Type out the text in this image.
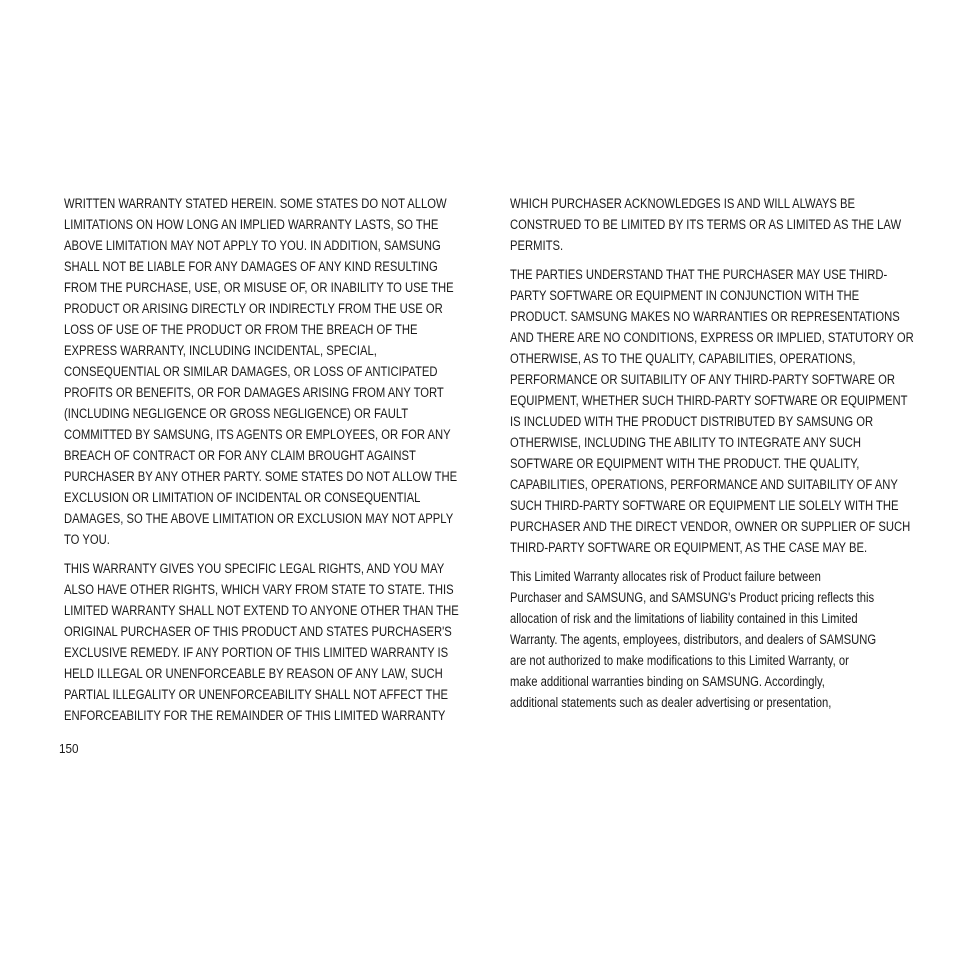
WRITTEN WARRANTY STATED HEREIN. SOME STATES DO NOT ALLOW
LIMITATIONS ON HOW LONG AN IMPLIED WARRANTY LASTS, SO THE
ABOVE LIMITATION MAY NOT APPLY TO YOU. IN ADDITION, SAMSUNG
SHALL NOT BE LIABLE FOR ANY DAMAGES OF ANY KIND RESULTING
FROM THE PURCHASE, USE, OR MISUSE OF, OR INABILITY TO USE THE
PRODUCT OR ARISING DIRECTLY OR INDIRECTLY FROM THE USE OR
LOSS OF USE OF THE PRODUCT OR FROM THE BREACH OF THE
EXPRESS WARRANTY, INCLUDING INCIDENTAL, SPECIAL,
CONSEQUENTIAL OR SIMILAR DAMAGES, OR LOSS OF ANTICIPATED
PROFITS OR BENEFITS, OR FOR DAMAGES ARISING FROM ANY TORT
(INCLUDING NEGLIGENCE OR GROSS NEGLIGENCE) OR FAULT
COMMITTED BY SAMSUNG, ITS AGENTS OR EMPLOYEES, OR FOR ANY
BREACH OF CONTRACT OR FOR ANY CLAIM BROUGHT AGAINST
PURCHASER BY ANY OTHER PARTY. SOME STATES DO NOT ALLOW THE
EXCLUSION OR LIMITATION OF INCIDENTAL OR CONSEQUENTIAL
DAMAGES, SO THE ABOVE LIMITATION OR EXCLUSION MAY NOT APPLY
TO YOU.

THIS WARRANTY GIVES YOU SPECIFIC LEGAL RIGHTS, AND YOU MAY
ALSO HAVE OTHER RIGHTS, WHICH VARY FROM STATE TO STATE. THIS
LIMITED WARRANTY SHALL NOT EXTEND TO ANYONE OTHER THAN THE
ORIGINAL PURCHASER OF THIS PRODUCT AND STATES PURCHASER'S
EXCLUSIVE REMEDY. IF ANY PORTION OF THIS LIMITED WARRANTY IS
HELD ILLEGAL OR UNENFORCEABLE BY REASON OF ANY LAW, SUCH
PARTIAL ILLEGALITY OR UNENFORCEABILITY SHALL NOT AFFECT THE
ENFORCEABILITY FOR THE REMAINDER OF THIS LIMITED WARRANTY

WHICH PURCHASER ACKNOWLEDGES IS AND WILL ALWAYS BE
CONSTRUED TO BE LIMITED BY ITS TERMS OR AS LIMITED AS THE LAW
PERMITS.

THE PARTIES UNDERSTAND THAT THE PURCHASER MAY USE THIRD-
PARTY SOFTWARE OR EQUIPMENT IN CONJUNCTION WITH THE
PRODUCT. SAMSUNG MAKES NO WARRANTIES OR REPRESENTATIONS
AND THERE ARE NO CONDITIONS, EXPRESS OR IMPLIED, STATUTORY OR
OTHERWISE, AS TO THE QUALITY, CAPABILITIES, OPERATIONS,
PERFORMANCE OR SUITABILITY OF ANY THIRD-PARTY SOFTWARE OR
EQUIPMENT, WHETHER SUCH THIRD-PARTY SOFTWARE OR EQUIPMENT
IS INCLUDED WITH THE PRODUCT DISTRIBUTED BY SAMSUNG OR
OTHERWISE, INCLUDING THE ABILITY TO INTEGRATE ANY SUCH
SOFTWARE OR EQUIPMENT WITH THE PRODUCT. THE QUALITY,
CAPABILITIES, OPERATIONS, PERFORMANCE AND SUITABILITY OF ANY
SUCH THIRD-PARTY SOFTWARE OR EQUIPMENT LIE SOLELY WITH THE
PURCHASER AND THE DIRECT VENDOR, OWNER OR SUPPLIER OF SUCH
THIRD-PARTY SOFTWARE OR EQUIPMENT, AS THE CASE MAY BE.

This Limited Warranty allocates risk of Product failure between
Purchaser and SAMSUNG, and SAMSUNG's Product pricing reflects this
allocation of risk and the limitations of liability contained in this Limited
Warranty. The agents, employees, distributors, and dealers of SAMSUNG
are not authorized to make modifications to this Limited Warranty, or
make additional warranties binding on SAMSUNG. Accordingly,
additional statements such as dealer advertising or presentation,

150
